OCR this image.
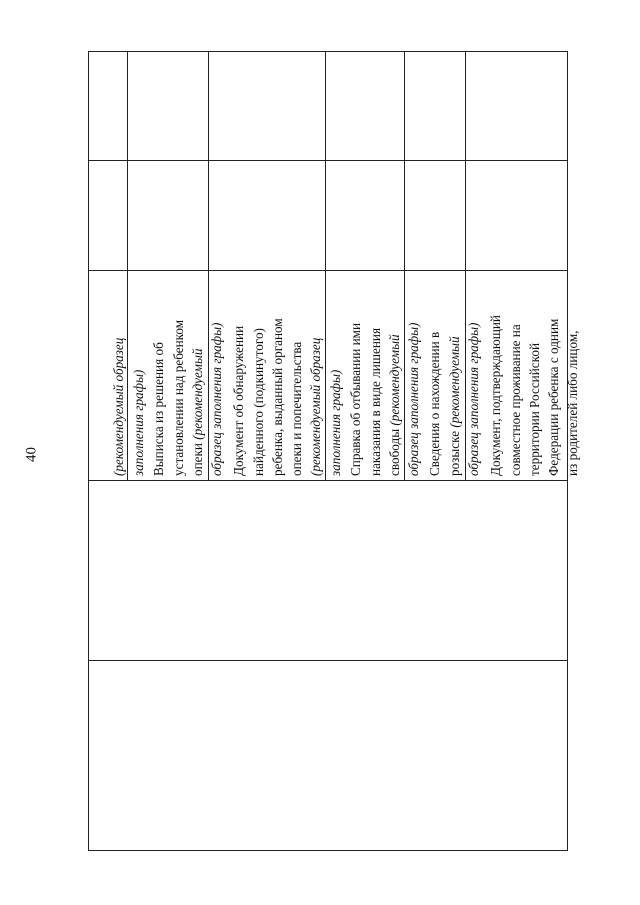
40	(рекомендуемый образец
заполнения графы)

Выписка из решения об
установлении над ребенком
опеки (рекомендуемый
образец заполнения графы)

Документ об обнаружении
найденного (подкинутого)
ребенка, выданный органом
опеки и попечительства
(рекомендуемый образец
заполнения графы)

Справка об отбывании ими
наказания в виде лишения
свободы (рекомендуемый
образец заполнения графы)

Сведения о нахождении в
розыске (рекомендуемый
образец заполнения графы)

Документ, подтверждающий
совместное проживание на
территории Российской
Федерации ребенка с одним
из родителей либо лицом,
